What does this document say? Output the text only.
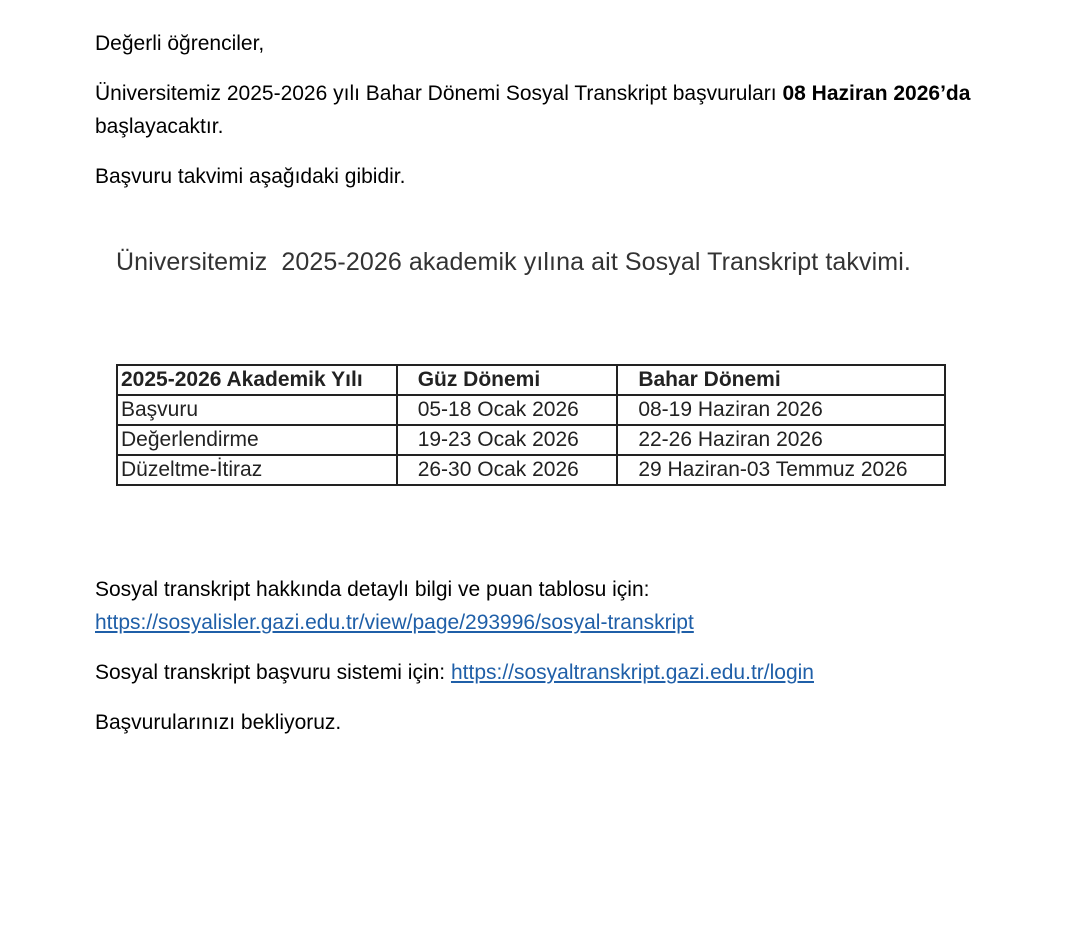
Değerli öğrenciler,
Üniversitemiz 2025-2026 yılı Bahar Dönemi Sosyal Transkript başvuruları 08 Haziran 2026’da
başlayacaktır.
Başvuru takvimi aşağıdaki gibidir.
Sosyal transkript hakkında detaylı bilgi ve puan tablosu için:
https://sosyalisler.gazi.edu.tr/view/page/293996/sosyal-transkript
Sosyal transkript başvuru sistemi için: https://sosyaltranskript.gazi.edu.tr/login
Başvurularınızı bekliyoruz.
Üniversitemiz  2025-2026 akademik yılına ait Sosyal Transkript takvimi.
2025-2026 Akademik Yılı	Güz Dönemi	Bahar Dönemi
Başvuru	05-18 Ocak 2026	08-19 Haziran 2026
Değerlendirme	19-23 Ocak 2026	22-26 Haziran 2026
Düzeltme-İtiraz	26-30 Ocak 2026	29 Haziran-03 Temmuz 2026
